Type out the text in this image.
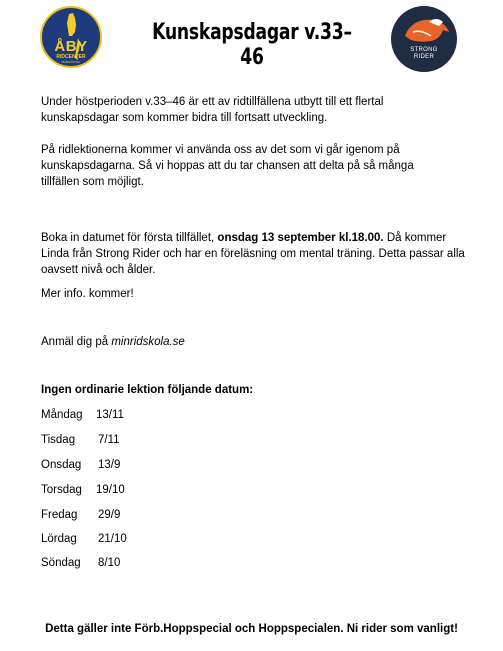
ÅBY
RIDCENTER
MÖRKÖPING
Kunskapsdagar v.33–46	STRONG
RIDER

Under höstperioden v.33–46 är ett av ridtillfällena utbytt till ett flertal kunskapsdagar som kommer bidra till fortsatt utveckling.

På ridlektionerna kommer vi använda oss av det som vi går igenom på kunskapsdagarna. Så vi hoppas att du tar chansen att delta på så många tillfällen som möjligt.

Boka in datumet för första tillfället, onsdag 13 september kl.18.00. Då kommer Linda från Strong Rider och har en föreläsning om mental träning. Detta passar alla oavsett nivå och ålder.

Mer info. kommer!

Anmäl dig på minridskola.se

Ingen ordinarie lektion följande datum:
Måndag 13/11
Tisdag 7/11
Onsdag 13/9
Torsdag 19/10
Fredag 29/9
Lördag 21/10
Söndag 8/10
Detta gäller inte Förb.Hoppspecial och Hoppspecialen. Ni rider som vanligt!
